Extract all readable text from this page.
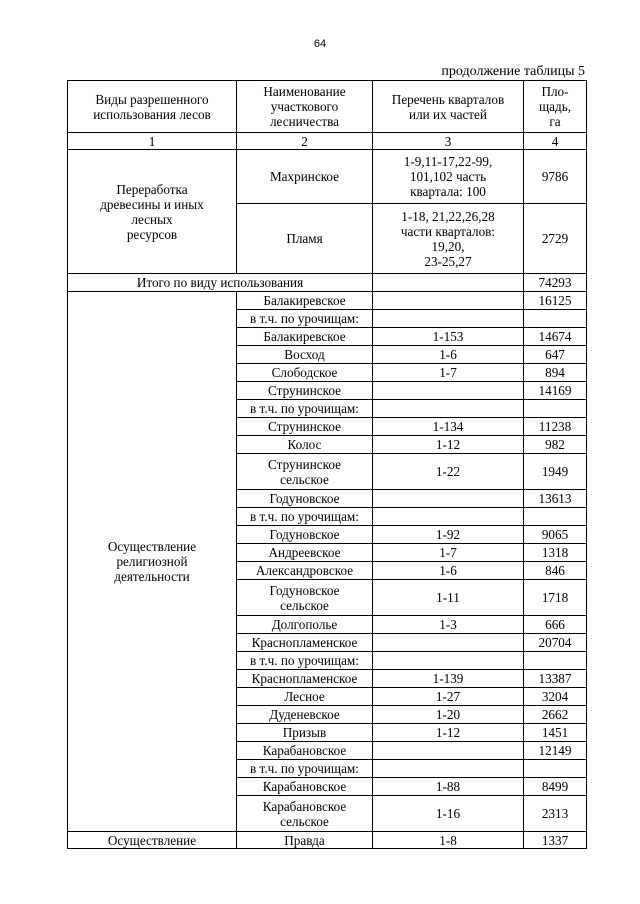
64
продолжение таблицы 5
Виды разрешенного
использования лесов	Наименование
участкового
лесничества	Перечень кварталов
или их частей	Пло-
щадь,
га
1	2	3	4
Переработка
древесины и иных
лесных
ресурсов	Махринское	1-9,11-17,22-99,
101,102 часть
квартала: 100	9786
	Пламя	1-18, 21,22,26,28
части кварталов:
19,20,
23-25,27	2729
Итого по виду использования			74293
Осуществление
религиозной
деятельности	Балакиревское		16125
	в т.ч. по урочищам:		
	Балакиревское	1-153	14674
	Восход	1-6	647
	Слободское	1-7	894
	Струнинское		14169
	в т.ч. по урочищам:		
	Струнинское	1-134	11238
	Колос	1-12	982
	Струнинское
сельское	1-22	1949
	Годуновское		13613
	в т.ч. по урочищам:		
	Годуновское	1-92	9065
	Андреевское	1-7	1318
	Александровское	1-6	846
	Годуновское
сельское	1-11	1718
	Долгополье	1-3	666
	Краснопламенское		20704
	в т.ч. по урочищам:		
	Краснопламенское	1-139	13387
	Лесное	1-27	3204
	Дуденевское	1-20	2662
	Призыв	1-12	1451
	Карабановское		12149
	в т.ч. по урочищам:		
	Карабановское	1-88	8499
	Карабановское
сельское	1-16	2313
Осуществление	Правда	1-8	1337
